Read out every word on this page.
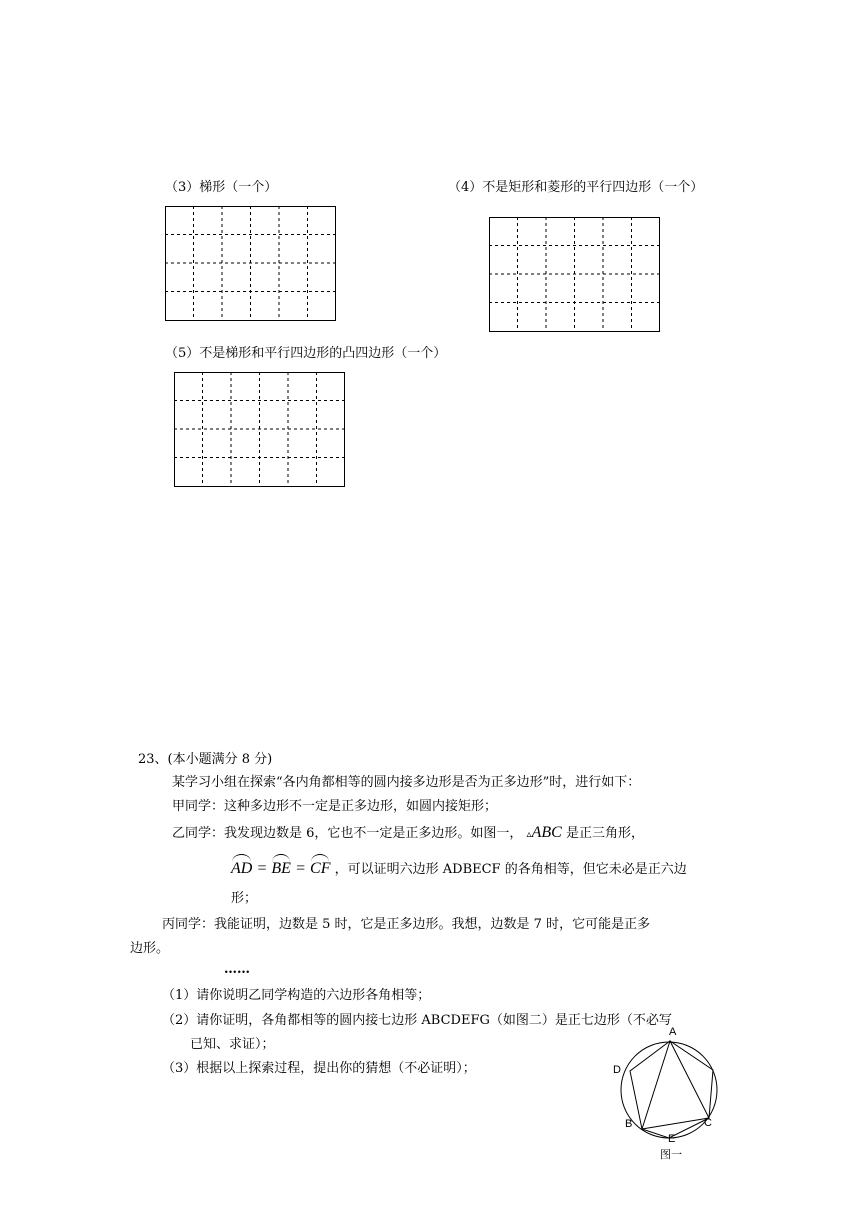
（3）梯形（一个）	（4）不是矩形和菱形的平行四边形（一个）
（5）不是梯形和平行四边形的凸四边形（一个）
23、(本小题满分 8 分)
某学习小组在探索“各内角都相等的圆内接多边形是否为正多边形”时，进行如下：
甲同学：这种多边形不一定是正多边形，如圆内接矩形；
乙同学：我发现边数是 6，它也不一定是正多边形。如图一， ▵ABC 是正三角形，
AD = BE = CF ，可以证明六边形 ADBECF 的各角相等，但它未必是正六边
形；
丙同学：我能证明，边数是 5 时，它是正多边形。我想，边数是 7 时，它可能是正多
边形。
……
（1）请你说明乙同学构造的六边形各角相等；
（2）请你证明，各角都相等的圆内接七边形 ABCDEFG（如图二）是正七边形（不必写
已知、求证）；
（3）根据以上探索过程，提出你的猜想（不必证明）；
A
D
B	C
E
图一
